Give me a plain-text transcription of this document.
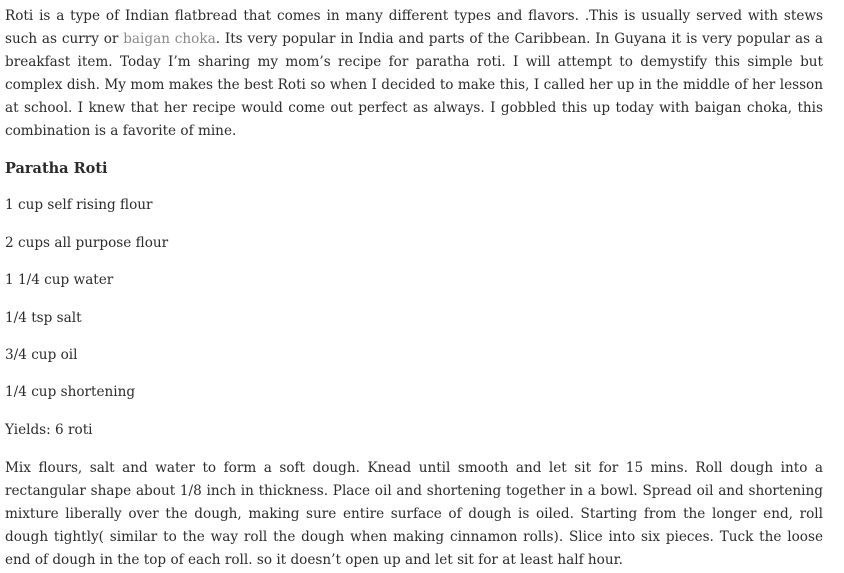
Roti is a type of Indian flatbread that comes in many different types and flavors. .This is usually served with stews such as curry or baigan choka. Its very popular in India and parts of the Caribbean. In Guyana it is very popular as a breakfast item. Today I’m sharing my mom’s recipe for paratha roti. I will attempt to demystify this simple but complex dish. My mom makes the best Roti so when I decided to make this, I called her up in the middle of her lesson at school. I knew that her recipe would come out perfect as always. I gobbled this up today with baigan choka, this combination is a favorite of mine.

Paratha Roti

1 cup self rising flour

2 cups all purpose flour

1 1/4 cup water

1/4 tsp salt

3/4 cup oil

1/4 cup shortening

Yields: 6 roti

Mix flours, salt and water to form a soft dough. Knead until smooth and let sit for 15 mins. Roll dough into a rectangular shape about 1/8 inch in thickness. Place oil and shortening together in a bowl. Spread oil and shortening mixture liberally over the dough, making sure entire surface of dough is oiled. Starting from the longer end, roll dough tightly( similar to the way roll the dough when making cinnamon rolls). Slice into six pieces. Tuck the loose end of dough in the top of each roll. so it doesn’t open up and let sit for at least half hour.
